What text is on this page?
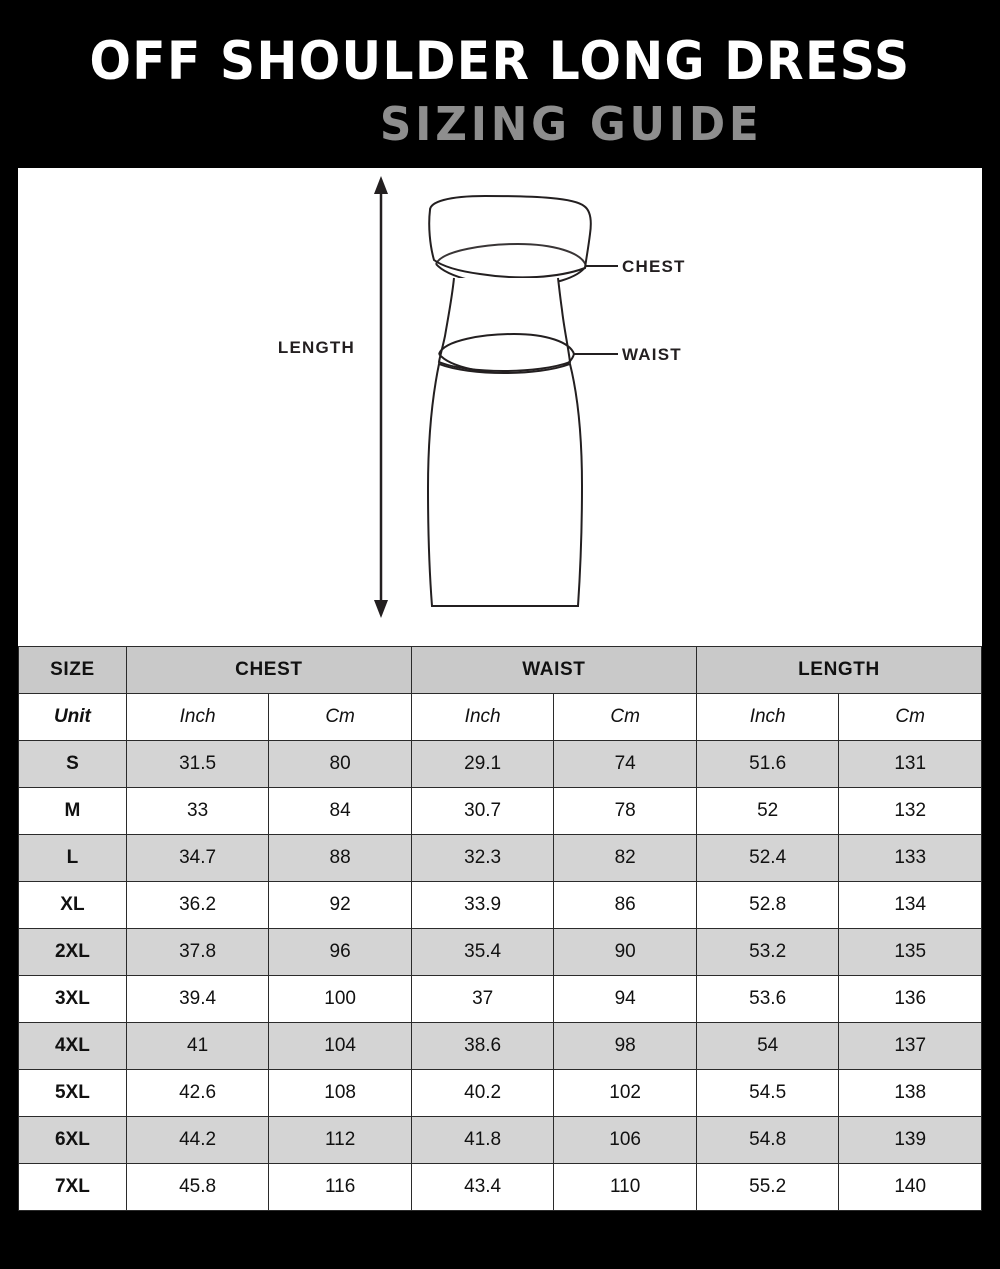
OFF SHOULDER LONG DRESS
SIZING GUIDE
CHEST
WAIST
LENGTH
SIZE	CHEST		WAIST		LENGTH	
Unit	Inch	Cm	Inch	Cm	Inch	Cm
S	31.5	80	29.1	74	51.6	131
M	33	84	30.7	78	52	132
L	34.7	88	32.3	82	52.4	133
XL	36.2	92	33.9	86	52.8	134
2XL	37.8	96	35.4	90	53.2	135
3XL	39.4	100	37	94	53.6	136
4XL	41	104	38.6	98	54	137
5XL	42.6	108	40.2	102	54.5	138
6XL	44.2	112	41.8	106	54.8	139
7XL	45.8	116	43.4	110	55.2	140
